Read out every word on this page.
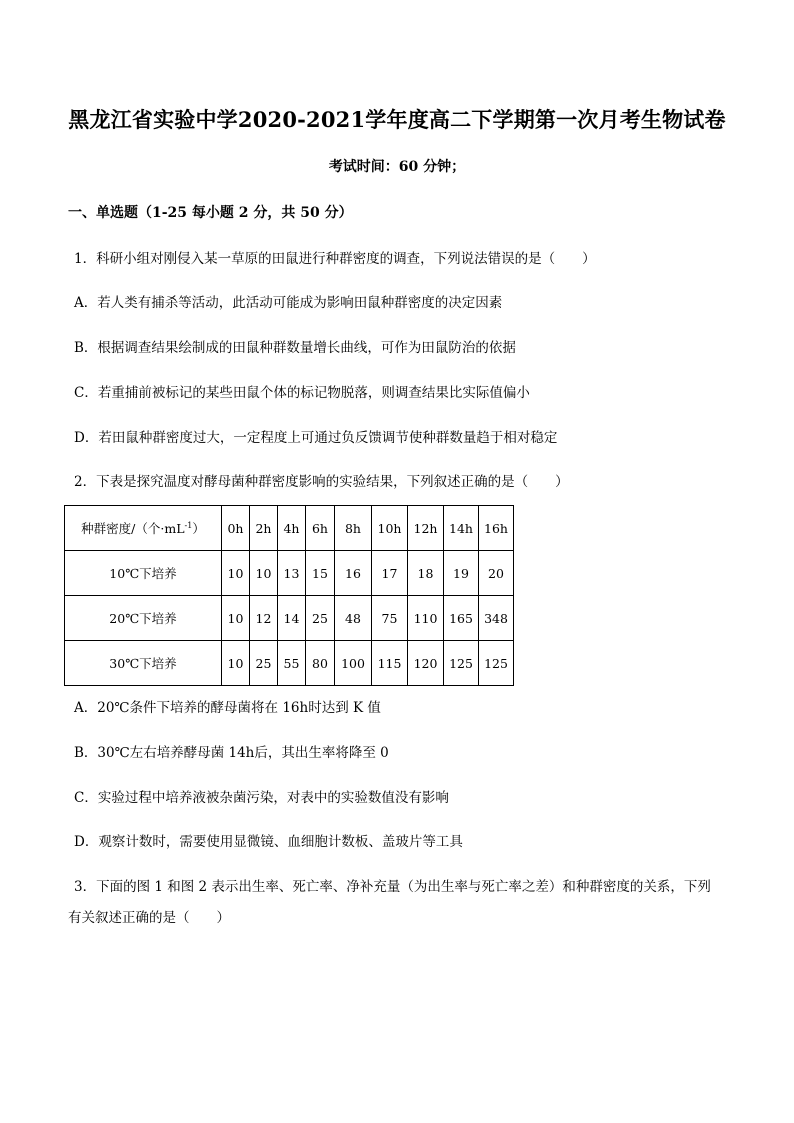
黑龙江省实验中学2020-2021学年度高二下学期第一次月考生物试卷
考试时间：60 分钟；
一、单选题（1-25 每小题 2 分，共 50 分）
1．科研小组对刚侵入某一草原的田鼠进行种群密度的调查，下列说法错误的是（　　）
A．若人类有捕杀等活动，此活动可能成为影响田鼠种群密度的决定因素
B．根据调查结果绘制成的田鼠种群数量增长曲线，可作为田鼠防治的依据
C．若重捕前被标记的某些田鼠个体的标记物脱落，则调查结果比实际值偏小
D．若田鼠种群密度过大，一定程度上可通过负反馈调节使种群数量趋于相对稳定
2．下表是探究温度对酵母菌种群密度影响的实验结果，下列叙述正确的是（　　）
种群密度/（个$\cdot mL^{-1}$）	0h	2h	4h	6h	8h	10h	12h	14h	16h
10℃下培养	10	10	13	15	16	17	18	19	20
20℃下培养	10	12	14	25	48	75	110	165	348
30℃下培养	10	25	55	80	100	115	120	125	125
A．20℃条件下培养的酵母菌将在 16h时达到 K 值
B．30℃左右培养酵母菌 14h后，其出生率将降至 0
C．实验过程中培养液被杂菌污染，对表中的实验数值没有影响
D．观察计数时，需要使用显微镜、血细胞计数板、盖玻片等工具
3．下面的图 1 和图 2 表示出生率、死亡率、净补充量（为出生率与死亡率之差）和种群密度的关系，下列
有关叙述正确的是（　　）
